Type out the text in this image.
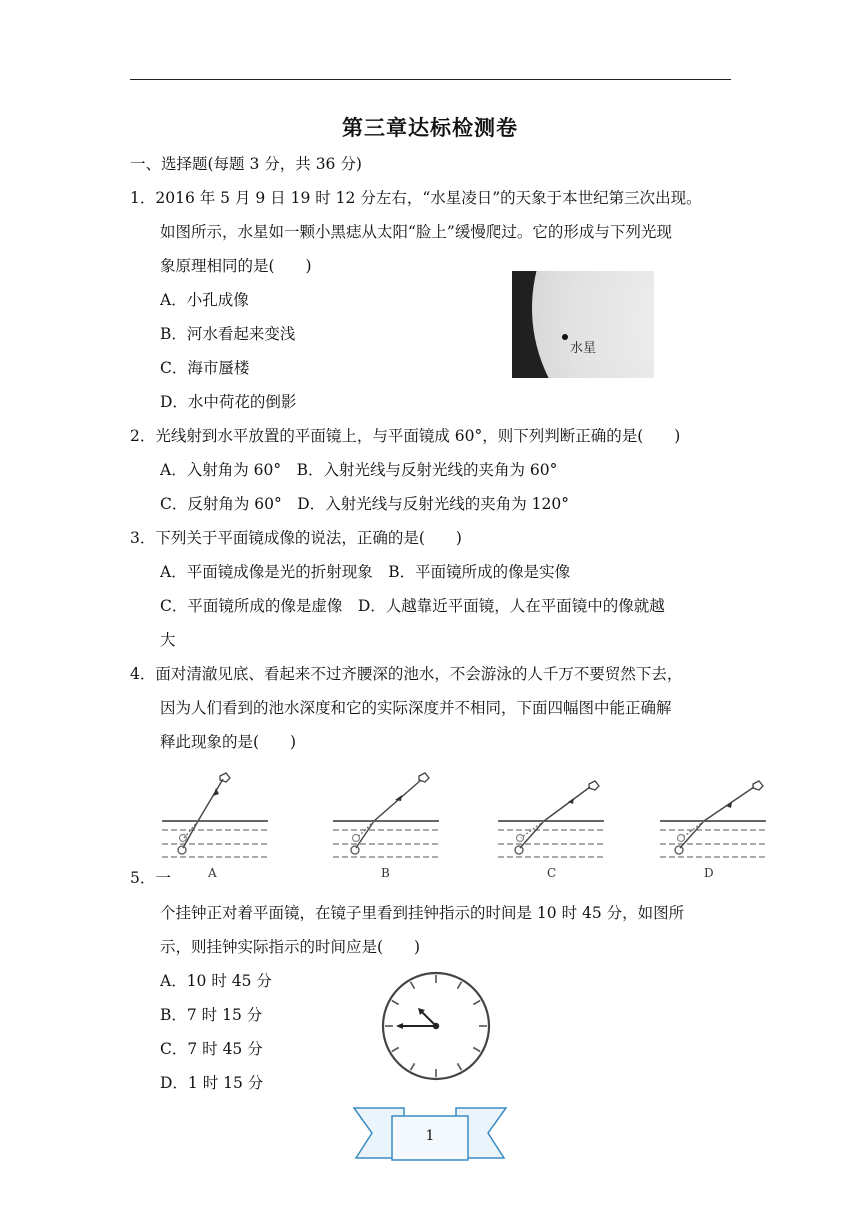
第三章达标检测卷
一、选择题(每题 3 分，共 36 分)
1．2016 年 5 月 9 日 19 时 12 分左右，“水星凌日”的天象于本世纪第三次出现。
如图所示，水星如一颗小黑痣从太阳“脸上”缓慢爬过。它的形成与下列光现
象原理相同的是(　　)
A．小孔成像
B．河水看起来变浅
C．海市蜃楼
D．水中荷花的倒影
水星
2．光线射到水平放置的平面镜上，与平面镜成 60°，则下列判断正确的是(　　)
A．入射角为 60°　B．入射光线与反射光线的夹角为 60°
C．反射角为 60°　D．入射光线与反射光线的夹角为 120°
3．下列关于平面镜成像的说法，正确的是(　　)
A．平面镜成像是光的折射现象　B．平面镜所成的像是实像
C．平面镜所成的像是虚像　D．人越靠近平面镜，人在平面镜中的像就越
大
4．面对清澈见底、看起来不过齐腰深的池水，不会游泳的人千万不要贸然下去，
因为人们看到的池水深度和它的实际深度并不相同，下面四幅图中能正确解
释此现象的是(　　)
A	B	C	D
5．一
个挂钟正对着平面镜，在镜子里看到挂钟指示的时间是 10 时 45 分，如图所
示，则挂钟实际指示的时间应是(　　)
A．10 时 45 分
B．7 时 15 分
C．7 时 45 分
D．1 时 15 分
1
